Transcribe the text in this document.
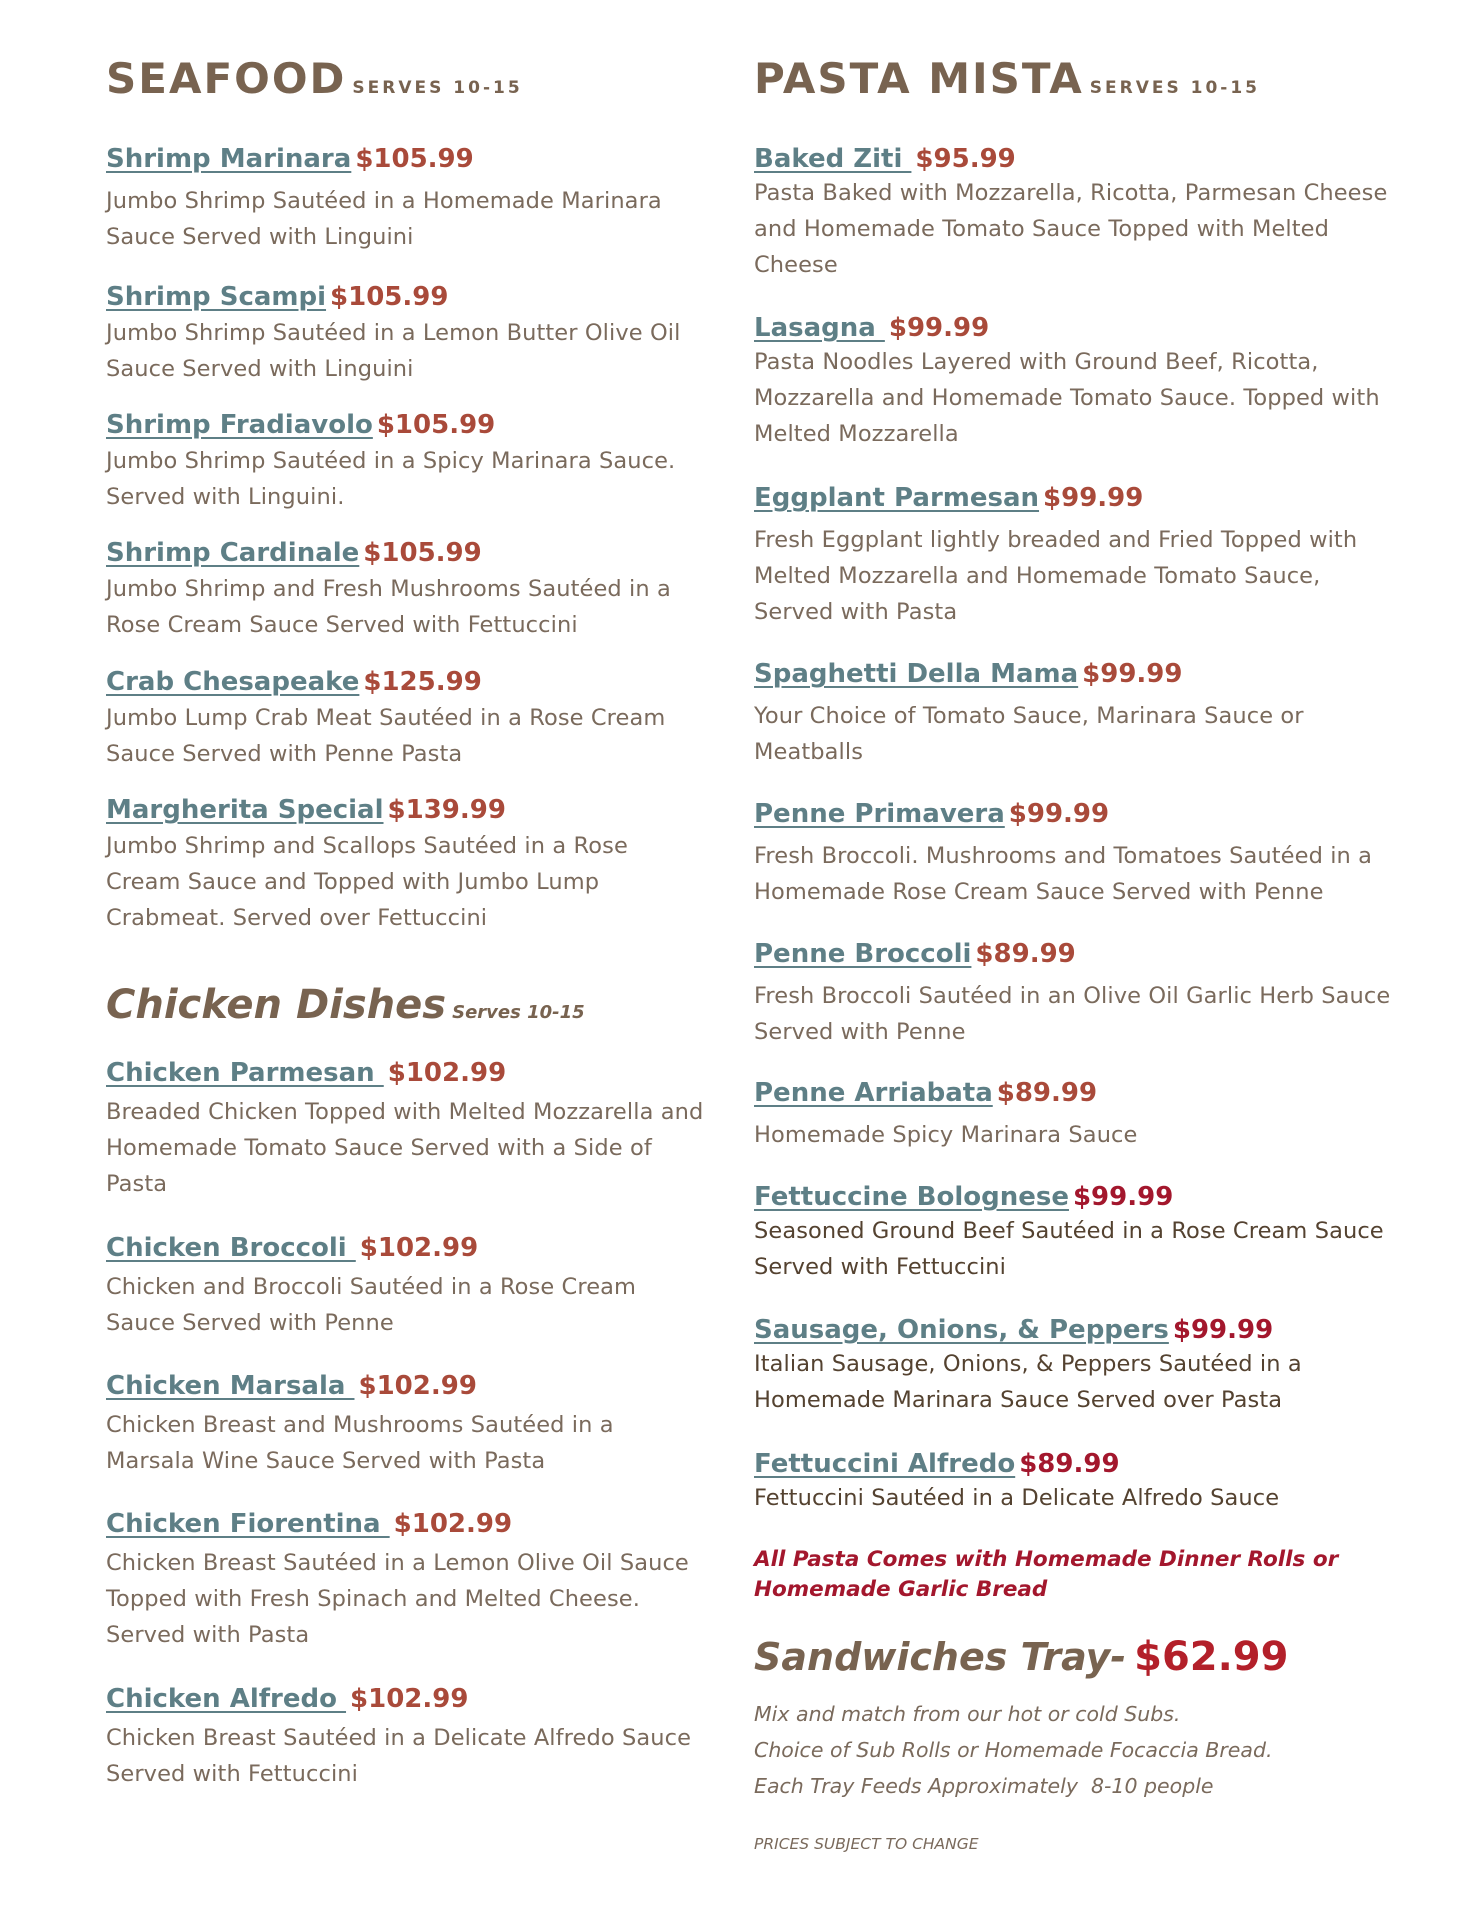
SEAFOOD SERVES 10-15
Shrimp Marinara $105.99
Jumbo Shrimp Sautéed in a Homemade Marinara Sauce Served with Linguini
Shrimp Scampi $105.99
Jumbo Shrimp Sautéed in a Lemon Butter Olive Oil Sauce Served with Linguini
Shrimp Fradiavolo $105.99
Jumbo Shrimp Sautéed in a Spicy Marinara Sauce. Served with Linguini.
Shrimp Cardinale $105.99
Jumbo Shrimp and Fresh Mushrooms Sautéed in a Rose Cream Sauce Served with Fettuccini
Crab Chesapeake $125.99
Jumbo Lump Crab Meat Sautéed in a Rose Cream Sauce Served with Penne Pasta
Margherita Special $139.99
Jumbo Shrimp and Scallops Sautéed in a Rose Cream Sauce and Topped with Jumbo Lump Crabmeat. Served over Fettuccini
Chicken Dishes Serves 10-15
Chicken Parmesan $102.99
Breaded Chicken Topped with Melted Mozzarella and Homemade Tomato Sauce Served with a Side of Pasta
Chicken Broccoli $102.99
Chicken and Broccoli Sautéed in a Rose Cream Sauce Served with Penne
Chicken Marsala $102.99
Chicken Breast and Mushrooms Sautéed in a Marsala Wine Sauce Served with Pasta
Chicken Fiorentina $102.99
Chicken Breast Sautéed in a Lemon Olive Oil Sauce Topped with Fresh Spinach and Melted Cheese. Served with Pasta
Chicken Alfredo $102.99
Chicken Breast Sautéed in a Delicate Alfredo Sauce Served with Fettuccini
PASTA MISTA SERVES 10-15
Baked Ziti $95.99
Pasta Baked with Mozzarella, Ricotta, Parmesan Cheese and Homemade Tomato Sauce Topped with Melted Cheese
Lasagna $99.99
Pasta Noodles Layered with Ground Beef, Ricotta, Mozzarella and Homemade Tomato Sauce. Topped with Melted Mozzarella
Eggplant Parmesan $99.99
Fresh Eggplant lightly breaded and Fried Topped with Melted Mozzarella and Homemade Tomato Sauce, Served with Pasta
Spaghetti Della Mama $99.99
Your Choice of Tomato Sauce, Marinara Sauce or Meatballs
Penne Primavera $99.99
Fresh Broccoli. Mushrooms and Tomatoes Sautéed in a Homemade Rose Cream Sauce Served with Penne
Penne Broccoli $89.99
Fresh Broccoli Sautéed in an Olive Oil Garlic Herb Sauce Served with Penne
Penne Arriabata $89.99
Homemade Spicy Marinara Sauce
Fettuccine Bolognese $99.99
Seasoned Ground Beef Sautéed in a Rose Cream Sauce Served with Fettuccini
Sausage, Onions, & Peppers $99.99
Italian Sausage, Onions, & Peppers Sautéed in a Homemade Marinara Sauce Served over Pasta
Fettuccini Alfredo $89.99
Fettuccini Sautéed in a Delicate Alfredo Sauce
All Pasta Comes with Homemade Dinner Rolls or
Homemade Garlic Bread
Sandwiches Tray- $62.99
Mix and match from our hot or cold Subs.
Choice of Sub Rolls or Homemade Focaccia Bread.
Each Tray Feeds Approximately  8-10 people
PRICES SUBJECT TO CHANGE
